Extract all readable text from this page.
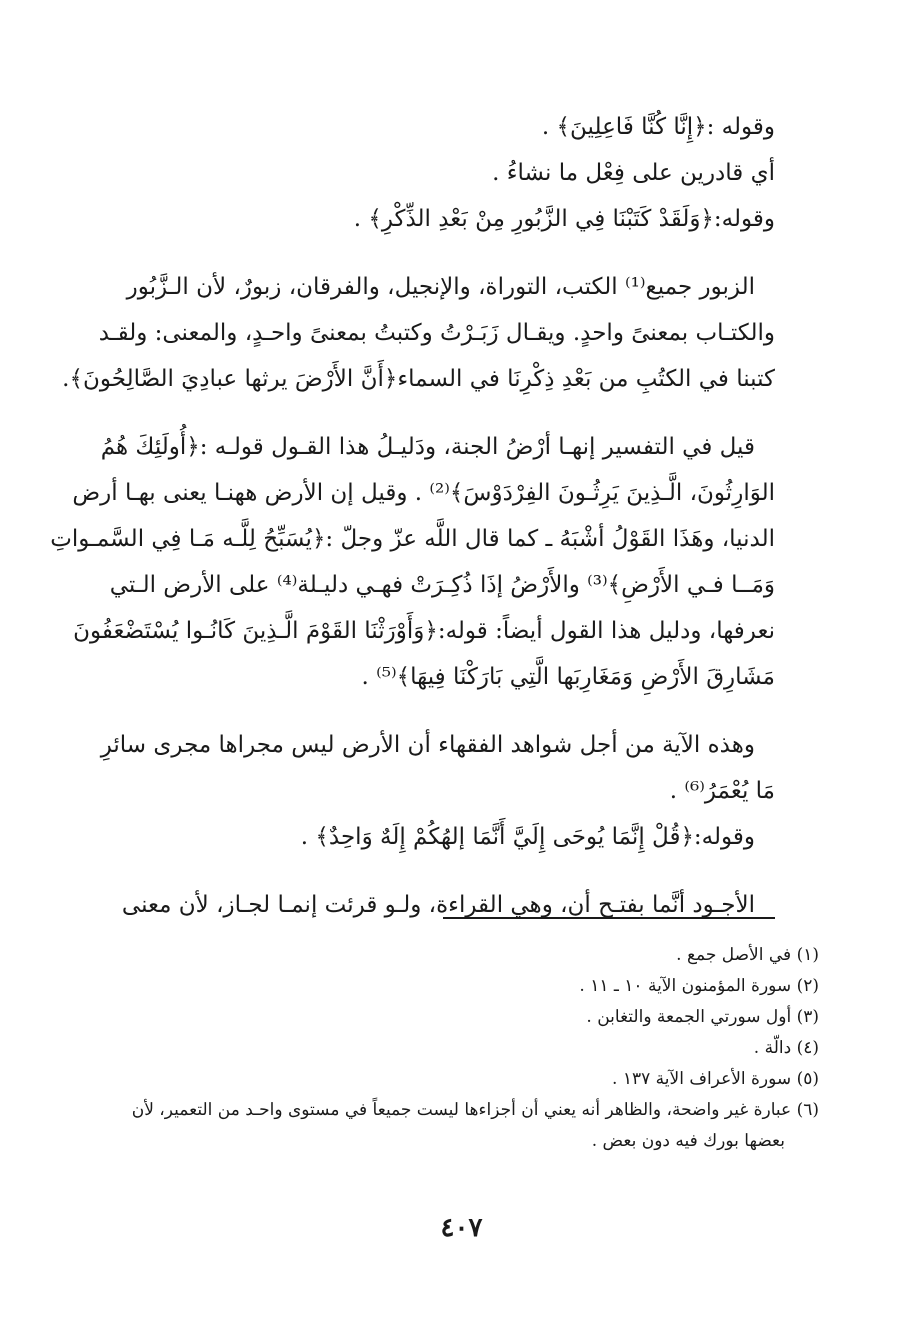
وقوله :﴿إِنَّا كُنَّا فَاعِلِينَ﴾ .
أي قادرين على فِعْل ما نشاءُ .
وقوله:﴿وَلَقَدْ كَتَبْنَا فِي الزَّبُورِ مِنْ بَعْدِ الذِّكْرِ﴾ .
الزبور جميع⁽¹⁾ الكتب، التوراة، والإنجيل، والفرقان، زبورٌ، لأن الـزَّبُور
والكتـاب بمعنىً واحدٍ. ويقـال زَبَـرْتُ وكتبتُ بمعنىً واحـدٍ، والمعنى: ولقـد
كتبنا في الكتُبِ من بَعْدِ ذِكْرِنَا في السماء﴿أَنَّ الأَرْضَ يرثها عبادِيَ الصَّالِحُونَ﴾.
قيل في التفسير إنهـا أرْضُ الجنة، ودَليـلُ هذا القـول قولـه :﴿أُولَئِكَ هُمُ
الوَارِثُونَ، الَّـذِينَ يَرِثُـونَ الفِرْدَوْسَ﴾⁽²⁾ . وقيل إن الأرض ههنـا يعنى بهـا أرض
الدنيا، وهَذَا القَوْلُ أشْبَهُ ـ كما قال اللَّه عزّ وجلّ :﴿يُسَبِّحُ لِلَّـه مَـا فِي السَّمـواتِ
وَمَــا فـي الأَرْضِ﴾⁽³⁾ والأَرْضُ إذَا ذُكِـرَتْ فهـي دليـلة⁽⁴⁾ على الأرض الـتي
نعرفها، ودليل هذا القول أيضاً: قوله:﴿وَأَوْرَثْنَا القَوْمَ الَّـذِينَ كَانُـوا يُسْتَضْعَفُونَ
مَشَارِقَ الأَرْضِ وَمَغَارِبَها الَّتِي بَارَكْنَا فِيهَا﴾⁽⁵⁾ .
وهذه الآية من أجل شواهد الفقهاء أن الأرض ليس مجراها مجرى سائرِ
مَا يُعْمَرُ⁽⁶⁾ .
وقوله:﴿قُلْ إِنَّمَا يُوحَى إِلَيَّ أَنَّمَا إلهُكُمْ إِلَهٌ وَاحِدٌ﴾ .
الأجـود أنَّما بفتـح أن، وهي القراءة، ولـو قرئت إنمـا لجـاز، لأن معنى
(١) في الأصل جمع .
(٢) سورة المؤمنون الآية ١٠ ـ ١١ .
(٣) أول سورتي الجمعة والتغابن .
(٤) دالّة .
(٥) سورة الأعراف الآية ١٣٧ .
(٦) عبارة غير واضحة، والظاهر أنه يعني أن أجزاءها ليست جميعاً في مستوى واحـد من التعمير، لأن
بعضها بورك فيه دون بعض .
٤٠٧
